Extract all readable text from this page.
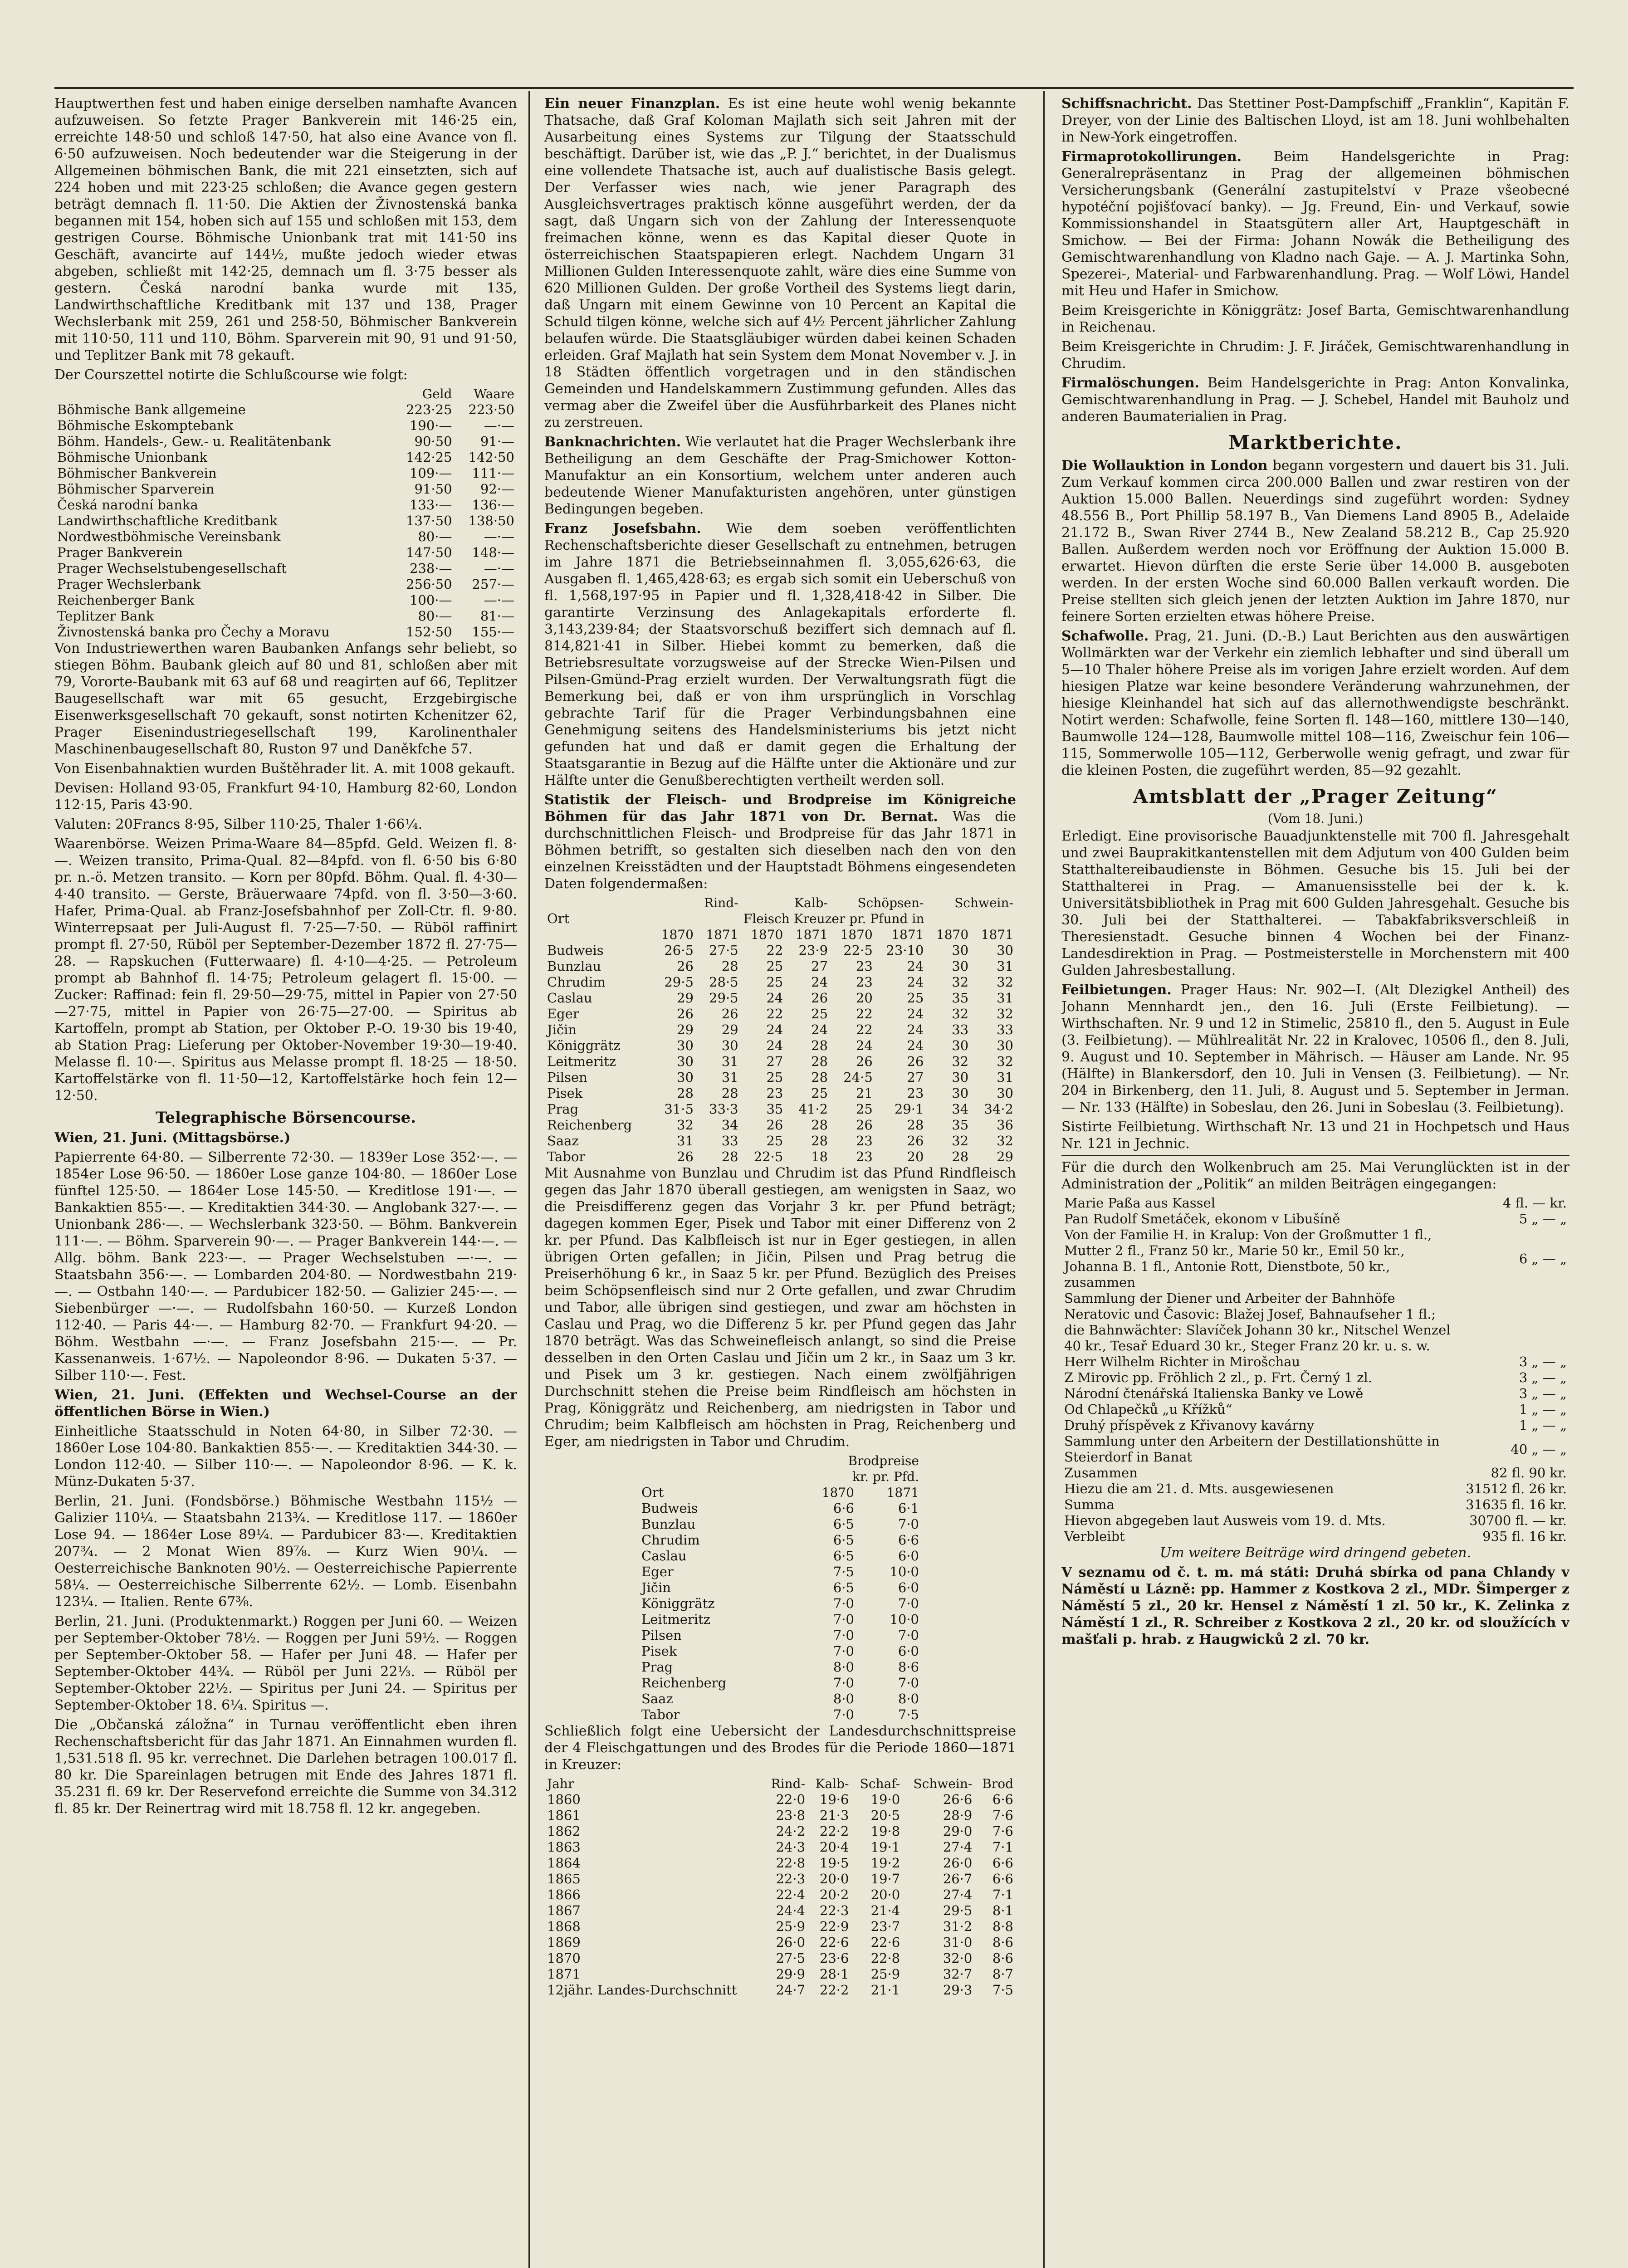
Hauptwerthen fest und haben einige derselben namhafte Avancen aufzuweisen. So fetzte Prager Bankverein mit 146·25 ein, erreichte 148·50 und schloß 147·50, hat also eine Avance von fl. 6·50 aufzuweisen. Noch bedeutender war die Steigerung in der Allgemeinen böhmischen Bank, die mit 221 einsetzten, sich auf 224 hoben und mit 223·25 schloßen; die Avance gegen gestern beträgt demnach fl. 11·50. Die Aktien der Živnostenská banka begannen mit 154, hoben sich auf 155 und schloßen mit 153, dem gestrigen Course. Böhmische Unionbank trat mit 141·50 ins Geschäft, avancirte auf 144½, mußte jedoch wieder etwas abgeben, schließt mit 142·25, demnach um fl. 3·75 besser als gestern. Česká narodní banka wurde mit 135, Landwirthschaftliche Kreditbank mit 137 und 138, Prager Wechslerbank mit 259, 261 und 258·50, Böhmischer Bankverein mit 110·50, 111 und 110, Böhm. Sparverein mit 90, 91 und 91·50, und Teplitzer Bank mit 78 gekauft.

Der Courszettel notirte die Schlußcourse wie folgt:

	Geld	Waare
Böhmische Bank allgemeine	223·25	223·50
Böhmische Eskomptebank	190·—	—·—
Böhm. Handels-, Gew.- u. Realitätenbank	90·50	91·—
Böhmische Unionbank	142·25	142·50
Böhmischer Bankverein	109·—	111·—
Böhmischer Sparverein	91·50	92·—
Česká narodní banka	133·—	136·—
Landwirthschaftliche Kreditbank	137·50	138·50
Nordwestböhmische Vereinsbank	80·—	—·—
Prager Bankverein	147·50	148·—
Prager Wechselstubengesellschaft	238·—	—·—
Prager Wechslerbank	256·50	257·—
Reichenberger Bank	100·—	—·—
Teplitzer Bank	80·—	81·—
Živnostenská banka pro Čechy a Moravu	152·50	155·—

Von Industriewerthen waren Baubanken Anfangs sehr beliebt, so stiegen Böhm. Baubank gleich auf 80 und 81, schloßen aber mit 79, Vororte-Baubank mit 63 auf 68 und reagirten auf 66, Teplitzer Baugesellschaft war mit 65 gesucht, Erzgebirgische Eisenwerksgesellschaft 70 gekauft, sonst notirten Kchenitzer 62, Prager Eisenindustriegesellschaft 199, Karolinenthaler Maschinenbaugesellschaft 80, Ruston 97 und Daněkfche 57.

Von Eisenbahnaktien wurden Buštěhrader lit. A. mit 1008 gekauft.

Devisen: Holland 93·05, Frankfurt 94·10, Hamburg 82·60, London 112·15, Paris 43·90.

Valuten: 20Francs 8·95, Silber 110·25, Thaler 1·66¼.

Waarenbörse. Weizen Prima-Waare 84—85pfd. Geld. Weizen fl. 8·—. Weizen transito, Prima-Qual. 82—84pfd. von fl. 6·50 bis 6·80 pr. n.-ö. Metzen transito. — Korn per 80pfd. Böhm. Qual. fl. 4·30—4·40 transito. — Gerste, Bräuerwaare 74pfd. von fl. 3·50—3·60. Hafer, Prima-Qual. ab Franz-Josefsbahnhof per Zoll-Ctr. fl. 9·80. Winterrepsaat per Juli-August fl. 7·25—7·50. — Rüböl raffinirt prompt fl. 27·50, Rüböl per September-Dezember 1872 fl. 27·75—28. — Rapskuchen (Futterwaare) fl. 4·10—4·25. — Petroleum prompt ab Bahnhof fl. 14·75; Petroleum gelagert fl. 15·00. — Zucker: Raffinad: fein fl. 29·50—29·75, mittel in Papier von 27·50—27·75, mittel in Papier von 26·75—27·00. — Spiritus ab Kartoffeln, prompt ab Station, per Oktober P.-O. 19·30 bis 19·40, ab Station Prag: Lieferung per Oktober-November 19·30—19·40. Melasse fl. 10·—. Spiritus aus Melasse prompt fl. 18·25 — 18·50. Kartoffelstärke von fl. 11·50—12, Kartoffelstärke hoch fein 12—12·50.

Telegraphische Börsencourse.

Wien, 21. Juni. (Mittagsbörse.)

Papierrente 64·80. — Silberrente 72·30. — 1839er Lose 352·—. — 1854er Lose 96·50. — 1860er Lose ganze 104·80. — 1860er Lose fünftel 125·50. — 1864er Lose 145·50. — Kreditlose 191·—. — Bankaktien 855·—. — Kreditaktien 344·30. — Anglobank 327·—. — Unionbank 286·—. — Wechslerbank 323·50. — Böhm. Bankverein 111·—. — Böhm. Sparverein 90·—. — Prager Bankverein 144·—. — Allg. böhm. Bank 223·—. — Prager Wechselstuben —·—. — Staatsbahn 356·—. — Lombarden 204·80. — Nordwestbahn 219·—. — Ostbahn 140·—. — Pardubicer 182·50. — Galizier 245·—. — Siebenbürger —·—. — Rudolfsbahn 160·50. — Kurzeß London 112·40. — Paris 44·—. — Hamburg 82·70. — Frankfurt 94·20. — Böhm. Westbahn —·—. — Franz Josefsbahn 215·—. — Pr. Kassenanweis. 1·67½. — Napoleondor 8·96. — Dukaten 5·37. — Silber 110·—. Fest.

Wien, 21. Juni. (Effekten und Wechsel-Course an der öffentlichen Börse in Wien.)

Einheitliche Staatsschuld in Noten 64·80, in Silber 72·30. — 1860er Lose 104·80. Bankaktien 855·—. — Kreditaktien 344·30. — London 112·40. — Silber 110·—. — Napoleondor 8·96. — K. k. Münz-Dukaten 5·37.

Berlin, 21. Juni. (Fondsbörse.) Böhmische Westbahn 115½ — Galizier 110¼. — Staatsbahn 213¾. — Kreditlose 117. — 1860er Lose 94. — 1864er Lose 89¼. — Pardubicer 83·—. Kreditaktien 207¾. — 2 Monat Wien 89⅞. — Kurz Wien 90¼. — Oesterreichische Banknoten 90½. — Oesterreichische Papierrente 58¼. — Oesterreichische Silberrente 62½. — Lomb. Eisenbahn 123¼. — Italien. Rente 67⅜.

Berlin, 21. Juni. (Produktenmarkt.) Roggen per Juni 60. — Weizen per September-Oktober 78½. — Roggen per Juni 59½. — Roggen per September-Oktober 58. — Hafer per Juni 48. — Hafer per September-Oktober 44¾. — Rüböl per Juni 22⅓. — Rüböl per September-Oktober 22½. — Spiritus per Juni 24. — Spiritus per September-Oktober 18. 6¼. Spiritus —.

Die „Občanská záložna“ in Turnau veröffentlicht eben ihren Rechenschaftsbericht für das Jahr 1871. An Einnahmen wurden fl. 1,531.518 fl. 95 kr. verrechnet. Die Darlehen betragen 100.017 fl. 80 kr. Die Spareinlagen betrugen mit Ende des Jahres 1871 fl. 35.231 fl. 69 kr. Der Reservefond erreichte die Summe von 34.312 fl. 85 kr. Der Reinertrag wird mit 18.758 fl. 12 kr. angegeben.

Ein neuer Finanzplan. Es ist eine heute wohl wenig bekannte Thatsache, daß Graf Koloman Majlath sich seit Jahren mit der Ausarbeitung eines Systems zur Tilgung der Staatsschuld beschäftigt. Darüber ist, wie das „P. J.“ berichtet, in der Dualismus eine vollendete Thatsache ist, auch auf dualistische Basis gelegt. Der Verfasser wies nach, wie jener Paragraph des Ausgleichsvertrages praktisch könne ausgeführt werden, der da sagt, daß Ungarn sich von der Zahlung der Interessenquote freimachen könne, wenn es das Kapital dieser Quote in österreichischen Staatspapieren erlegt. Nachdem Ungarn 31 Millionen Gulden Interessenquote zahlt, wäre dies eine Summe von 620 Millionen Gulden. Der große Vortheil des Systems liegt darin, daß Ungarn mit einem Gewinne von 10 Percent an Kapital die Schuld tilgen könne, welche sich auf 4½ Percent jährlicher Zahlung belaufen würde. Die Staatsgläubiger würden dabei keinen Schaden erleiden. Graf Majlath hat sein System dem Monat November v. J. in 18 Städten öffentlich vorgetragen und in den ständischen Gemeinden und Handelskammern Zustimmung gefunden. Alles das vermag aber die Zweifel über die Ausführbarkeit des Planes nicht zu zerstreuen.

Banknachrichten. Wie verlautet hat die Prager Wechslerbank ihre Betheiligung an dem Geschäfte der Prag-Smichower Kotton-Manufaktur an ein Konsortium, welchem unter anderen auch bedeutende Wiener Manufakturisten angehören, unter günstigen Bedingungen begeben.

Franz Josefsbahn. Wie dem soeben veröffentlichten Rechenschaftsberichte dieser Gesellschaft zu entnehmen, betrugen im Jahre 1871 die Betriebseinnahmen fl. 3,055,626·63, die Ausgaben fl. 1,465,428·63; es ergab sich somit ein Ueberschuß von fl. 1,568,197·95 in Papier und fl. 1,328,418·42 in Silber. Die garantirte Verzinsung des Anlagekapitals erforderte fl. 3,143,239·84; der Staatsvorschuß beziffert sich demnach auf fl. 814,821·41 in Silber. Hiebei kommt zu bemerken, daß die Betriebsresultate vorzugsweise auf der Strecke Wien-Pilsen und Pilsen-Gmünd-Prag erzielt wurden. Der Verwaltungsrath fügt die Bemerkung bei, daß er von ihm ursprünglich in Vorschlag gebrachte Tarif für die Prager Verbindungsbahnen eine Genehmigung seitens des Handelsministeriums bis jetzt nicht gefunden hat und daß er damit gegen die Erhaltung der Staatsgarantie in Bezug auf die Hälfte unter die Aktionäre und zur Hälfte unter die Genußberechtigten vertheilt werden soll.

Statistik der Fleisch- und Brodpreise im Königreiche Böhmen für das Jahr 1871 von Dr. Bernat. Was die durchschnittlichen Fleisch- und Brodpreise für das Jahr 1871 in Böhmen betrifft, so gestalten sich dieselben nach den von den einzelnen Kreisstädten und der Hauptstadt Böhmens eingesendeten Daten folgendermaßen:

	Rind-		Kalb-		Schöpsen-		Schwein-	
Ort	Fleisch Kreuzer pr. Pfund in							
	1870	1871	1870	1871	1870	1871	1870	1871
Budweis	26·5	27·5	22	23·9	22·5	23·10	30	30
Bunzlau	26	28	25	27	23	24	30	31
Chrudim	29·5	28·5	25	24	23	24	32	32
Caslau	29	29·5	24	26	20	25	35	31
Eger	26	26	22	25	22	24	32	32
Jičin	29	29	24	24	22	24	33	33
Königgrätz	30	30	24	28	24	24	30	30
Leitmeritz	30	31	27	28	26	26	32	32
Pilsen	30	31	25	28	24·5	27	30	31
Pisek	28	28	23	25	21	23	30	30
Prag	31·5	33·3	35	41·2	25	29·1	34	34·2
Reichenberg	32	34	26	28	26	28	35	36
Saaz	31	33	25	28	23	26	32	32
Tabor	26	28	22·5	18	23	20	28	29

Mit Ausnahme von Bunzlau und Chrudim ist das Pfund Rindfleisch gegen das Jahr 1870 überall gestiegen, am wenigsten in Saaz, wo die Preisdifferenz gegen das Vorjahr 3 kr. per Pfund beträgt; dagegen kommen Eger, Pisek und Tabor mit einer Differenz von 2 kr. per Pfund. Das Kalbfleisch ist nur in Eger gestiegen, in allen übrigen Orten gefallen; in Jičin, Pilsen und Prag betrug die Preiserhöhung 6 kr., in Saaz 5 kr. per Pfund. Bezüglich des Preises beim Schöpsenfleisch sind nur 2 Orte gefallen, und zwar Chrudim und Tabor, alle übrigen sind gestiegen, und zwar am höchsten in Caslau und Prag, wo die Differenz 5 kr. per Pfund gegen das Jahr 1870 beträgt. Was das Schweinefleisch anlangt, so sind die Preise desselben in den Orten Caslau und Jičin um 2 kr., in Saaz um 3 kr. und Pisek um 3 kr. gestiegen. Nach einem zwölfjährigen Durchschnitt stehen die Preise beim Rindfleisch am höchsten in Prag, Königgrätz und Reichenberg, am niedrigsten in Tabor und Chrudim; beim Kalbfleisch am höchsten in Prag, Reichenberg und Eger, am niedrigsten in Tabor und Chrudim.

	Brodpreise	
	kr. pr. Pfd.	
Ort	1870	1871
Budweis	6·6	6·1
Bunzlau	6·5	7·0
Chrudim	6·5	6·6
Caslau	6·5	6·0
Eger	7·5	10·0
Jičin	6·5	6·0
Königgrätz	7·0	7·0
Leitmeritz	7·0	10·0
Pilsen	7·0	7·0
Pisek	7·0	6·0
Prag	8·0	8·6
Reichenberg	7·0	7·0
Saaz	8·0	8·0
Tabor	7·0	7·5

Schließlich folgt eine Uebersicht der Landesdurchschnittspreise der 4 Fleischgattungen und des Brodes für die Periode 1860—1871 in Kreuzer:

Jahr	Rind-	Kalb-	Schaf-	Schwein-	Brod
1860	22·0	19·6	19·0	26·6	6·6
1861	23·8	21·3	20·5	28·9	7·6
1862	24·2	22·2	19·8	29·0	7·6
1863	24·3	20·4	19·1	27·4	7·1
1864	22·8	19·5	19·2	26·0	6·6
1865	22·3	20·0	19·7	26·7	6·6
1866	22·4	20·2	20·0	27·4	7·1
1867	24·4	22·3	21·4	29·5	8·1
1868	25·9	22·9	23·7	31·2	8·8
1869	26·0	22·6	22·6	31·0	8·6
1870	27·5	23·6	22·8	32·0	8·6
1871	29·9	28·1	25·9	32·7	8·7
12jähr. Landes-Durchschnitt	24·7	22·2	21·1	29·3	7·5

Schiffsnachricht. Das Stettiner Post-Dampfschiff „Franklin“, Kapitän F. Dreyer, von der Linie des Baltischen Lloyd, ist am 18. Juni wohlbehalten in New-York eingetroffen.

Firmaprotokollirungen. Beim Handelsgerichte in Prag: Generalrepräsentanz in Prag der allgemeinen böhmischen Versicherungsbank (Generální zastupitelství v Praze všeobecné hypotéční pojišťovací banky). — Jg. Freund, Ein- und Verkauf, sowie Kommissionshandel in Staatsgütern aller Art, Hauptgeschäft in Smichow. — Bei der Firma: Johann Nowák die Betheiligung des Gemischtwarenhandlung von Kladno nach Gaje. — A. J. Martinka Sohn, Spezerei-, Material- und Farbwarenhandlung. Prag. — Wolf Löwi, Handel mit Heu und Hafer in Smichow.

Beim Kreisgerichte in Königgrätz: Josef Barta, Gemischtwarenhandlung in Reichenau.

Beim Kreisgerichte in Chrudim: J. F. Jiráček, Gemischtwarenhandlung in Chrudim.

Firmalöschungen. Beim Handelsgerichte in Prag: Anton Konvalinka, Gemischtwarenhandlung in Prag. — J. Schebel, Handel mit Bauholz und anderen Baumaterialien in Prag.

Marktberichte.

Die Wollauktion in London begann vorgestern und dauert bis 31. Juli. Zum Verkauf kommen circa 200.000 Ballen und zwar restiren von der Auktion 15.000 Ballen. Neuerdings sind zugeführt worden: Sydney 48.556 B., Port Phillip 58.197 B., Van Diemens Land 8905 B., Adelaide 21.172 B., Swan River 2744 B., New Zealand 58.212 B., Cap 25.920 Ballen. Außerdem werden noch vor Eröffnung der Auktion 15.000 B. erwartet. Hievon dürften die erste Serie über 14.000 B. ausgeboten werden. In der ersten Woche sind 60.000 Ballen verkauft worden. Die Preise stellten sich gleich jenen der letzten Auktion im Jahre 1870, nur feinere Sorten erzielten etwas höhere Preise.

Schafwolle. Prag, 21. Juni. (D.-B.) Laut Berichten aus den auswärtigen Wollmärkten war der Verkehr ein ziemlich lebhafter und sind überall um 5—10 Thaler höhere Preise als im vorigen Jahre erzielt worden. Auf dem hiesigen Platze war keine besondere Veränderung wahrzunehmen, der hiesige Kleinhandel hat sich auf das allernothwendigste beschränkt. Notirt werden: Schafwolle, feine Sorten fl. 148—160, mittlere 130—140, Baumwolle 124—128, Baumwolle mittel 108—116, Zweischur fein 106—115, Sommerwolle 105—112, Gerberwolle wenig gefragt, und zwar für die kleinen Posten, die zugeführt werden, 85—92 gezahlt.

Amtsblatt der „Prager Zeitung“
(Vom 18. Juni.)

Erledigt. Eine provisorische Bauadjunktenstelle mit 700 fl. Jahresgehalt und zwei Bauprakitkantenstellen mit dem Adjutum von 400 Gulden beim Statthaltereibaudienste in Böhmen. Gesuche bis 15. Juli bei der Statthalterei in Prag. — Amanuensisstelle bei der k. k. Universitätsbibliothek in Prag mit 600 Gulden Jahresgehalt. Gesuche bis 30. Juli bei der Statthalterei. — Tabakfabriksverschleiß in Theresienstadt. Gesuche binnen 4 Wochen bei der Finanz-Landesdirektion in Prag. — Postmeisterstelle in Morchenstern mit 400 Gulden Jahresbestallung.

Feilbietungen. Prager Haus: Nr. 902—I. (Alt Dlezigkel Antheil) des Johann Mennhardt jen., den 16. Juli (Erste Feilbietung). — Wirthschaften. Nr. 9 und 12 in Stimelic, 25810 fl., den 5. August in Eule (3. Feilbietung). — Mühlrealität Nr. 22 in Kralovec, 10506 fl., den 8. Juli, 9. August und 10. September in Mährisch. — Häuser am Lande. Nr. 95 (Hälfte) in Blankersdorf, den 10. Juli in Vensen (3. Feilbietung). — Nr. 204 in Birkenberg, den 11. Juli, 8. August und 5. September in Jerman. — Nr. 133 (Hälfte) in Sobeslau, den 26. Juni in Sobeslau (3. Feilbietung).

Sistirte Feilbietung. Wirthschaft Nr. 13 und 21 in Hochpetsch und Haus Nr. 121 in Jechnic.

Für die durch den Wolkenbruch am 25. Mai Verunglückten ist in der Administration der „Politik“ an milden Beiträgen eingegangen:

Marie Paßa aus Kassel	4 fl. — kr.
Pan Rudolf Smetáček, ekonom v Libušíně	5 „ — „
Von der Familie H. in Kralup: Von der Großmutter 1 fl., Mutter 2 fl., Franz 50 kr., Marie 50 kr., Emil 50 kr., Johanna B. 1 fl., Antonie Rott, Dienstbote, 50 kr., zusammen	6 „ — „
Sammlung der Diener und Arbeiter der Bahnhöfe Neratovic und Časovic: Blažej Josef, Bahnaufseher 1 fl.; die Bahnwächter: Slavíček Johann 30 kr., Nitschel Wenzel 40 kr., Tesař Eduard 30 kr., Steger Franz 20 kr. u. s. w.	
Herr Wilhelm Richter in Mirošchau	3 „ — „
Z Mirovic pp. Fröhlich 2 zl., p. Frt. Černý 1 zl.	3 „ — „
Národní čtenářská Italienska Banky ve Lowě	3 „ — „
Od Chlapečků „u Křížků“	1 „ — „
Druhý příspěvek z Křivanovy kavárny	1 „ — „
Sammlung unter den Arbeitern der Destillationshütte in Steierdorf in Banat	40 „ — „
Zusammen	82 fl. 90 kr.
Hiezu die am 21. d. Mts. ausgewiesenen	31512 fl. 26 kr.
Summa	31635 fl. 16 kr.
Hievon abgegeben laut Ausweis vom 19. d. Mts.	30700 fl. — kr.
Verbleibt	935 fl. 16 kr.

Um weitere Beiträge wird dringend gebeten.

V seznamu od č. t. m. má státi: Druhá sbírka od pana Chlandy v Náměstí u Lázně: pp. Hammer z Kostkova 2 zl., MDr. Šimperger z Náměstí 5 zl., 20 kr. Hensel z Náměstí 1 zl. 50 kr., K. Zelinka z Náměstí 1 zl., R. Schreiber z Kostkova 2 zl., 20 kr. od sloužících v mašťali p. hrab. z Haugwicků 2 zl. 70 kr.
